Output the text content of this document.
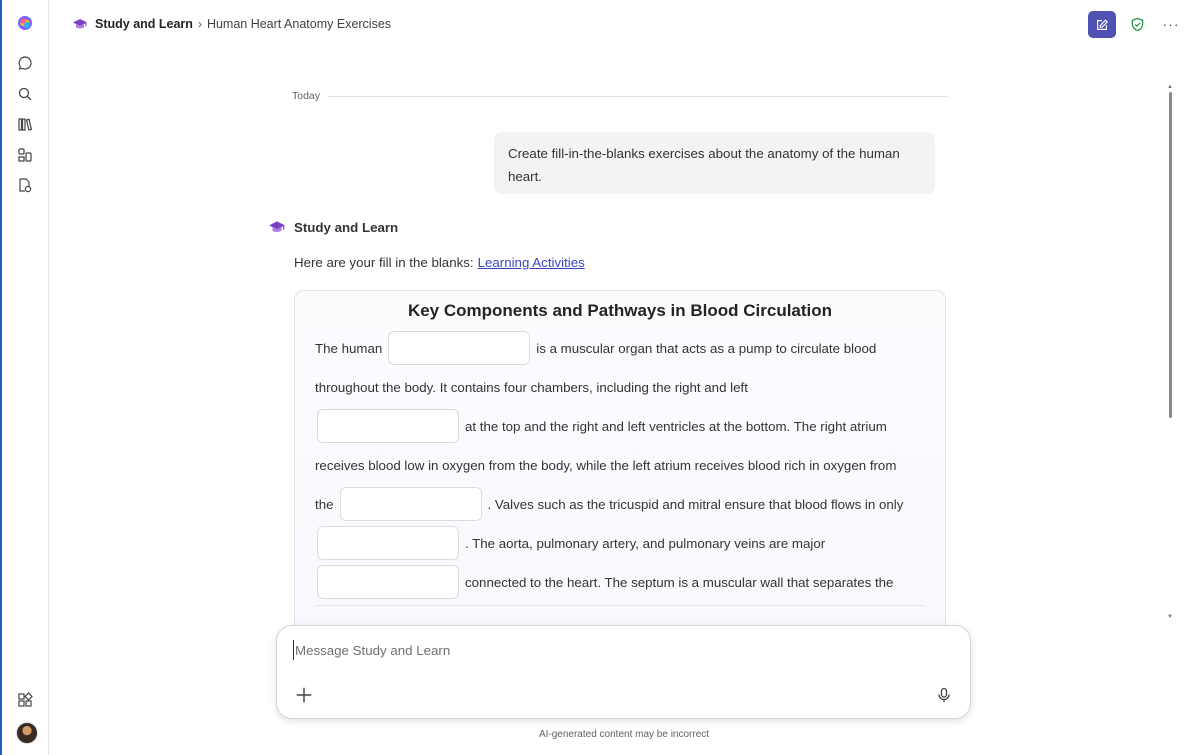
Study and Learn › Human Heart Anatomy Exercises	···
Today
Create fill-in-the-blanks exercises about the anatomy of the human heart.
Study and Learn
Here are your fill in the blanks: Learning Activities
Key Components and Pathways in Blood Circulation
The human	is a muscular organ that acts as a pump to circulate blood
throughout the body. It contains four chambers, including the right and left
at the top and the right and left ventricles at the bottom. The right atrium
receives blood low in oxygen from the body, while the left atrium receives blood rich in oxygen from
the	. Valves such as the tricuspid and mitral ensure that blood flows in only
. The aorta, pulmonary artery, and pulmonary veins are major
connected to the heart. The septum is a muscular wall that separates the
▲
▼
Message Study and Learn
AI-generated content may be incorrect
